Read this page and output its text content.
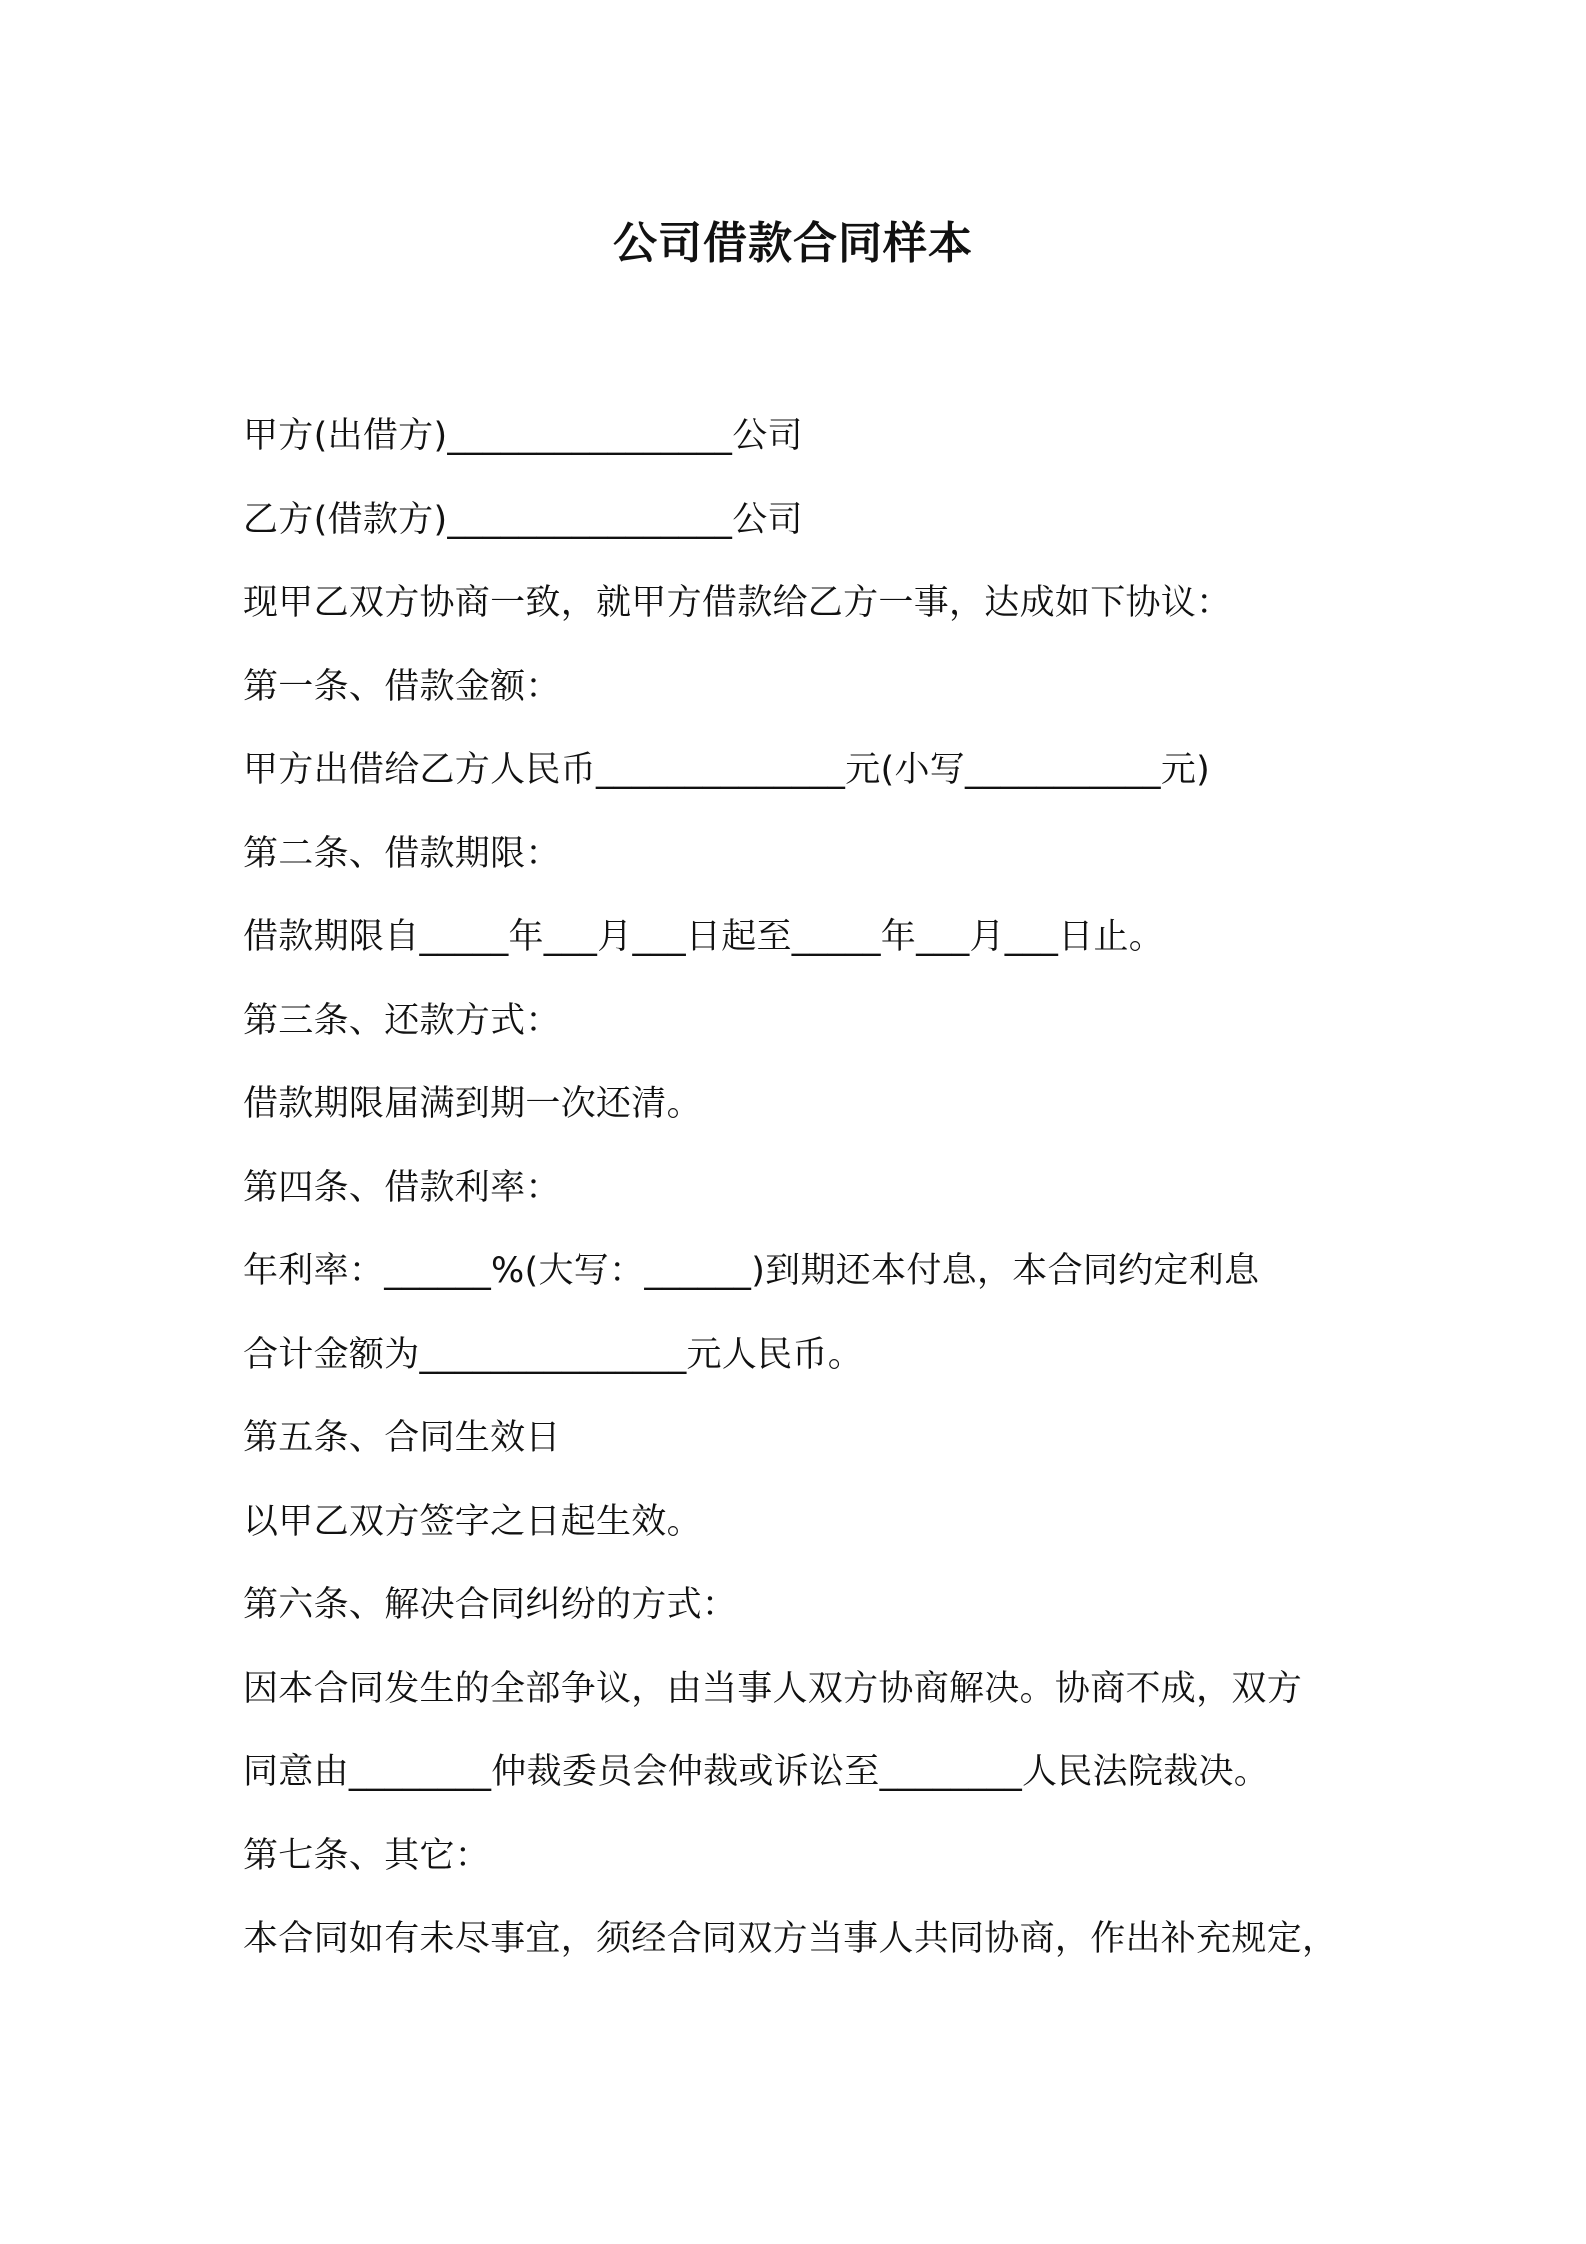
公司借款合同样本
甲方(出借方)________________公司
乙方(借款方)________________公司
现甲乙双方协商一致，就甲方借款给乙方一事，达成如下协议：
第一条、借款金额：
甲方出借给乙方人民币______________元(小写___________元)
第二条、借款期限：
借款期限自_____年___月___日起至_____年___月___日止。
第三条、还款方式：
借款期限届满到期一次还清。
第四条、借款利率：
年利率：______%(大写：______)到期还本付息，本合同约定利息
合计金额为_______________元人民币。
第五条、合同生效日
以甲乙双方签字之日起生效。
第六条、解决合同纠纷的方式：
因本合同发生的全部争议，由当事人双方协商解决。协商不成，双方
同意由________仲裁委员会仲裁或诉讼至________人民法院裁决。
第七条、其它：
本合同如有未尽事宜，须经合同双方当事人共同协商，作出补充规定，
